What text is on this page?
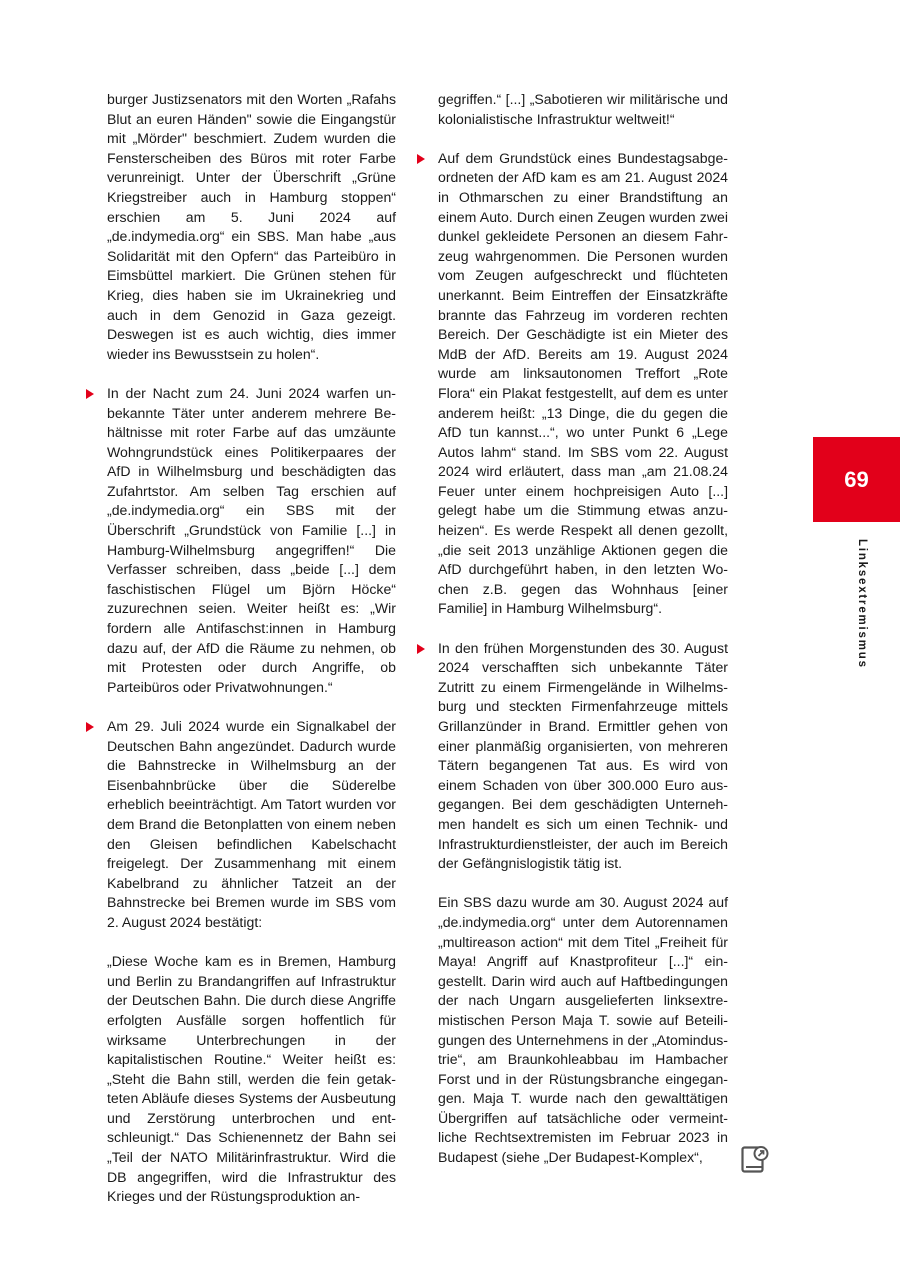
burger Justizsenators mit den Worten „Rafahs Blut an euren Händen" sowie die Eingangstür mit „Mörder" beschmiert. Zudem wurden die Fensterscheiben des Büros mit roter Farbe verunreinigt. Unter der Überschrift „Grüne Kriegstreiber auch in Hamburg stoppen“ erschien am 5. Juni 2024 auf „de.indymedia.org“ ein SBS. Man habe „aus Solidarität mit den Opfern“ das Parteibüro in Eimsbüttel markiert. Die Grünen stehen für Krieg, dies haben sie im Ukrainekrieg und auch in dem Genozid in Gaza gezeigt. Deswegen ist es auch wichtig, dies immer wieder ins Bewusstsein zu holen“.

In der Nacht zum 24. Juni 2024 warfen unbekannte Täter unter anderem mehrere Behältnisse mit roter Farbe auf das umzäunte Wohngrundstück eines Politikerpaares der AfD in Wilhelmsburg und beschädigten das Zufahrtstor. Am selben Tag erschien auf „de.indymedia.org“ ein SBS mit der Überschrift „Grundstück von Familie [...] in Hamburg-Wilhelmsburg angegriffen!“ Die Verfasser schreiben, dass „beide [...] dem faschistischen Flügel um Björn Höcke“ zuzurechnen seien. Weiter heißt es: „Wir fordern alle Antifaschst:innen in Hamburg dazu auf, der AfD die Räume zu nehmen, ob mit Protesten oder durch Angriffe, ob Parteibüros oder Privatwohnungen.“

Am 29. Juli 2024 wurde ein Signalkabel der Deutschen Bahn angezündet. Dadurch wurde die Bahnstrecke in Wilhelmsburg an der Eisenbahnbrücke über die Süderelbe erheblich beeinträchtigt. Am Tatort wurden vor dem Brand die Betonplatten von einem neben den Gleisen befindlichen Kabelschacht freigelegt. Der Zusammenhang mit einem Kabelbrand zu ähnlicher Tatzeit an der Bahnstrecke bei Bremen wurde im SBS vom 2. August 2024 bestätigt:

„Diese Woche kam es in Bremen, Hamburg und Berlin zu Brandangriffen auf Infrastruktur der Deutschen Bahn. Die durch diese Angriffe erfolgten Ausfälle sorgen hoffentlich für wirksame Unterbrechungen in der kapitalistischen Routine.“ Weiter heißt es: „Steht die Bahn still, werden die fein getakteten Abläufe dieses Systems der Ausbeutung und Zerstörung unterbrochen und entschleunigt.“ Das Schienennetz der Bahn sei „Teil der NATO Militärinfrastruktur. Wird die DB angegriffen, wird die Infrastruktur des Krieges und der Rüstungsproduktion an-

gegriffen.“ [...] „Sabotieren wir militärische und kolonialistische Infrastruktur weltweit!“

Auf dem Grundstück eines Bundestagsabgeordneten der AfD kam es am 21. August 2024 in Othmarschen zu einer Brandstiftung an einem Auto. Durch einen Zeugen wurden zwei dunkel gekleidete Personen an diesem Fahrzeug wahrgenommen. Die Personen wurden vom Zeugen aufgeschreckt und flüchteten unerkannt. Beim Eintreffen der Einsatzkräfte brannte das Fahrzeug im vorderen rechten Bereich. Der Geschädigte ist ein Mieter des MdB der AfD. Bereits am 19. August 2024 wurde am linksautonomen Treffort „Rote Flora“ ein Plakat festgestellt, auf dem es unter anderem heißt: „13 Dinge, die du gegen die AfD tun kannst...“, wo unter Punkt 6 „Lege Autos lahm“ stand. Im SBS vom 22. August 2024 wird erläutert, dass man „am 21.08.24 Feuer unter einem hochpreisigen Auto [...] gelegt habe um die Stimmung etwas anzuheizen“. Es werde Respekt all denen gezollt, „die seit 2013 unzählige Aktionen gegen die AfD durchgeführt haben, in den letzten Wochen z.B. gegen das Wohnhaus [einer Familie] in Hamburg Wilhelmsburg“.

In den frühen Morgenstunden des 30. August 2024 verschafften sich unbekannte Täter Zutritt zu einem Firmengelände in Wilhelmsburg und steckten Firmenfahrzeuge mittels Grillanzünder in Brand. Ermittler gehen von einer planmäßig organisierten, von mehreren Tätern begangenen Tat aus. Es wird von einem Schaden von über 300.000 Euro ausgegangen. Bei dem geschädigten Unternehmen handelt es sich um einen Technik- und Infrastrukturdienstleister, der auch im Bereich der Gefängnislogistik tätig ist.

Ein SBS dazu wurde am 30. August 2024 auf „de.indymedia.org“ unter dem Autorennamen „multireason action“ mit dem Titel „Freiheit für Maya! Angriff auf Knastprofiteur [...]“ eingestellt. Darin wird auch auf Haftbedingungen der nach Ungarn ausgelieferten linksextremistischen Person Maja T. sowie auf Beteiligungen des Unternehmens in der „Atomindustrie“, am Braunkohleabbau im Hambacher Forst und in der Rüstungsbranche eingegangen. Maja T. wurde nach den gewalttätigen Übergriffen auf tatsächliche oder vermeintliche Rechtsextremisten im Februar 2023 in Budapest (siehe „Der Budapest-Komplex“,

69
Linksextremismus
